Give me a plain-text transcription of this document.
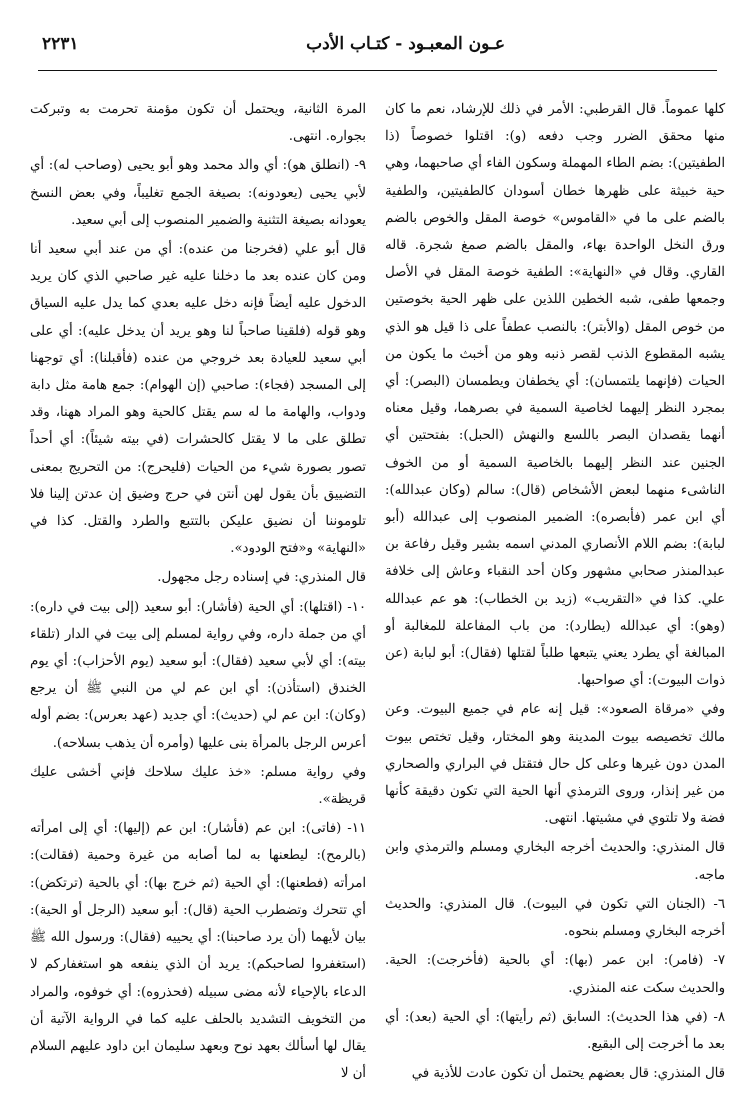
عـون المعبـود - كتـاب الأدب
٢٢٣١

كلها عموماً. قال القرطبي: الأمر في ذلك للإرشاد، نعم ما كان منها محقق الضرر وجب دفعه (و): اقتلوا خصوصاً (ذا الطفيتين): بضم الطاء المهملة وسكون الفاء أي صاحبهما، وهي حية خبيثة على ظهرها خطان أسودان كالطفيتين، والطفية بالضم على ما في «القاموس» خوصة المقل والخوص بالضم ورق النخل الواحدة بهاء، والمقل بالضم صمغ شجرة. قاله القاري. وقال في «النهاية»: الطفية خوصة المقل في الأصل وجمعها طفى، شبه الخطين اللذين على ظهر الحية بخوصتين من خوص المقل (والأبتر): بالنصب عطفاً على ذا قيل هو الذي يشبه المقطوع الذنب لقصر ذنبه وهو من أخبث ما يكون من الحيات (فإنهما يلتمسان): أي يخطفان ويطمسان (البصر): أي بمجرد النظر إليهما لخاصية السمية في بصرهما، وقيل معناه أنهما يقصدان البصر باللسع والنهش (الحبل): بفتحتين أي الجنين عند النظر إليهما بالخاصية السمية أو من الخوف الناشىء منهما لبعض الأشخاص (قال): سالم (وكان عبدالله): أي ابن عمر (فأبصره): الضمير المنصوب إلى عبدالله (أبو لبابة): بضم اللام الأنصاري المدني اسمه بشير وقيل رفاعة بن عبدالمنذر صحابي مشهور وكان أحد النقباء وعاش إلى خلافة علي. كذا في «التقريب» (زيد بن الخطاب): هو عم عبدالله (وهو): أي عبدالله (يطارد): من باب المفاعلة للمغالبة أو المبالغة أي يطرد يعني يتبعها طلباً لقتلها (فقال): أبو لبابة (عن ذوات البيوت): أي صواحبها.

وفي «مرقاة الصعود»: قيل إنه عام في جميع البيوت. وعن مالك تخصيصه بيوت المدينة وهو المختار، وقيل تختص بيوت المدن دون غيرها وعلى كل حال فتقتل في البراري والصحاري من غير إنذار، وروى الترمذي أنها الحية التي تكون دقيقة كأنها فضة ولا تلتوي في مشيتها. انتهى.

قال المنذري: والحديث أخرجه البخاري ومسلم والترمذي وابن ماجه.

٦- (الجنان التي تكون في البيوت). قال المنذري: والحديث أخرجه البخاري ومسلم بنحوه.

٧- (فامر): ابن عمر (بها): أي بالحية (فأخرجت): الحية. والحديث سكت عنه المنذري.

٨- (في هذا الحديث): السابق (ثم رأيتها): أي الحية (بعد): أي بعد ما أخرجت إلى البقيع.

قال المنذري: قال بعضهم يحتمل أن تكون عادت للأذية في

المرة الثانية، ويحتمل أن تكون مؤمنة تحرمت به وتبركت بجواره. انتهى.

٩- (انطلق هو): أي والد محمد وهو أبو يحيى (وصاحب له): أي لأبي يحيى (يعودونه): بصيغة الجمع تغليباً، وفي بعض النسخ يعودانه بصيغة التثنية والضمير المنصوب إلى أبي سعيد.

قال أبو علي (فخرجنا من عنده): أي من عند أبي سعيد أنا ومن كان عنده بعد ما دخلنا عليه غير صاحبي الذي كان يريد الدخول عليه أيضاً فإنه دخل عليه بعدي كما يدل عليه السياق وهو قوله (فلقينا صاحباً لنا وهو يريد أن يدخل عليه): أي على أبي سعيد للعيادة بعد خروجي من عنده (فأقبلنا): أي توجهنا إلى المسجد (فجاء): صاحبي (إن الهوام): جمع هامة مثل دابة ودواب، والهامة ما له سم يقتل كالحية وهو المراد ههنا، وقد تطلق على ما لا يقتل كالحشرات (في بيته شيئاً): أي أحداً تصور بصورة شيء من الحيات (فليحرج): من التحريج بمعنى التضييق بأن يقول لهن أنتن في حرج وضيق إن عدتن إلينا فلا تلوموننا أن نضيق عليكن بالتتبع والطرد والقتل. كذا في «النهاية» و«فتح الودود».

قال المنذري: في إسناده رجل مجهول.

١٠- (اقتلها): أي الحية (فأشار): أبو سعيد (إلى بيت في داره): أي من جملة داره، وفي رواية لمسلم إلى بيت في الدار (تلقاء بيته): أي لأبي سعيد (فقال): أبو سعيد (يوم الأحزاب): أي يوم الخندق (استأذن): أي ابن عم لي من النبي ﷺ أن يرجع (وكان): ابن عم لي (حديث): أي جديد (عهد بعرس): بضم أوله أعرس الرجل بالمرأة بنى عليها (وأمره أن يذهب بسلاحه).

وفي رواية مسلم: «خذ عليك سلاحك فإني أخشى عليك قريظة».

١١- (فاتى): ابن عم (فأشار): ابن عم (إليها): أي إلى امرأته (بالرمح): ليطعنها به لما أصابه من غيرة وحمية (فقالت): امرأته (فطعنها): أي الحية (ثم خرج بها): أي بالحية (ترتكض): أي تتحرك وتضطرب الحية (قال): أبو سعيد (الرجل أو الحية): بيان لأيهما (أن يرد صاحبنا): أي يحييه (فقال): ورسول الله ﷺ (استغفروا لصاحبكم): يريد أن الذي ينفعه هو استغفاركم لا الدعاء بالإحياء لأنه مضى سبيله (فحذروه): أي خوفوه، والمراد من التخويف التشديد بالحلف عليه كما في الرواية الآتية أن يقال لها أسألك بعهد نوح وبعهد سليمان ابن داود عليهم السلام أن لا
